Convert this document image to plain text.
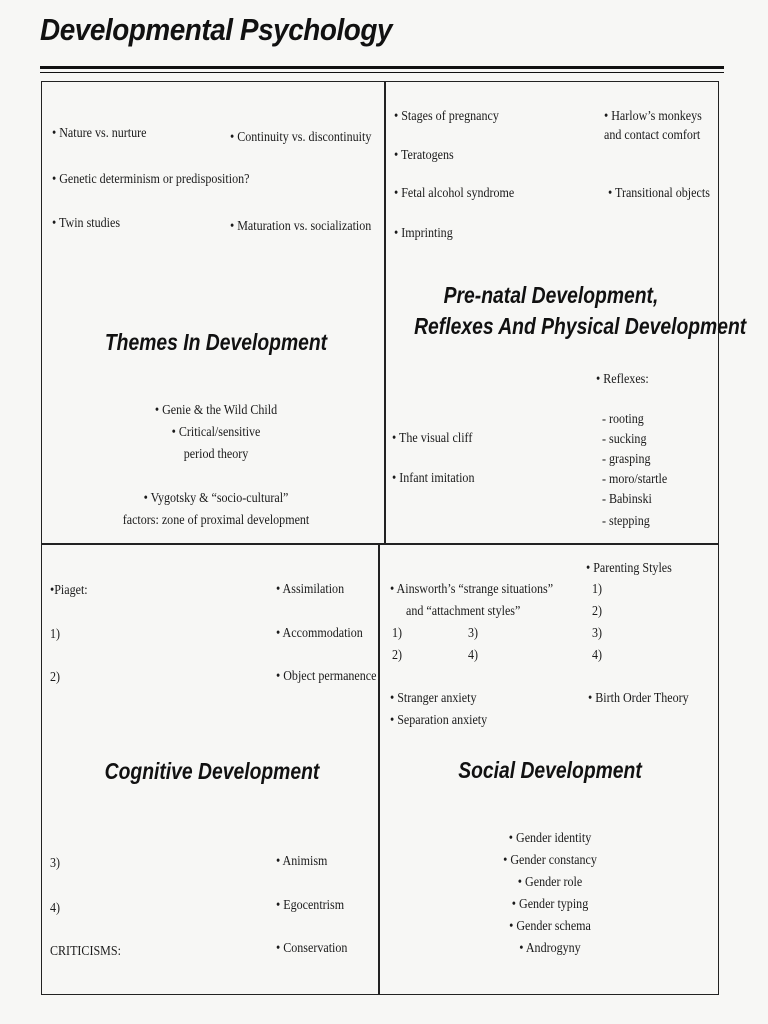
Developmental Psychology
• Nature vs. nurture	• Continuity vs. discontinuity
• Genetic determinism or predisposition?
• Twin studies	• Maturation vs. socialization
Themes In Development
• Genie & the Wild Child
• Critical/sensitive
period theory
• Vygotsky & “socio-cultural”
factors: zone of proximal development
• Stages of pregnancy	• Harlow’s monkeys
and contact comfort
• Teratogens
• Fetal alcohol syndrome	• Transitional objects
• Imprinting
Pre-natal Development,
Reflexes And Physical Development
• Reflexes:
• The visual cliff
• Infant imitation
- rooting
- sucking
- grasping
- moro/startle
- Babinski
- stepping
•Piaget:	• Assimilation
1)	• Accommodation
2)	• Object permanence
Cognitive Development
3)	• Animism
4)	• Egocentrism
CRITICISMS:	• Conservation
• Parenting Styles
1)
2)
3)
4)
• Ainsworth’s “strange situations”
and “attachment styles”
1)	3)
2)	4)
• Stranger anxiety
• Separation anxiety
• Birth Order Theory
Social Development
• Gender identity
• Gender constancy
• Gender role
• Gender typing
• Gender schema
• Androgyny
